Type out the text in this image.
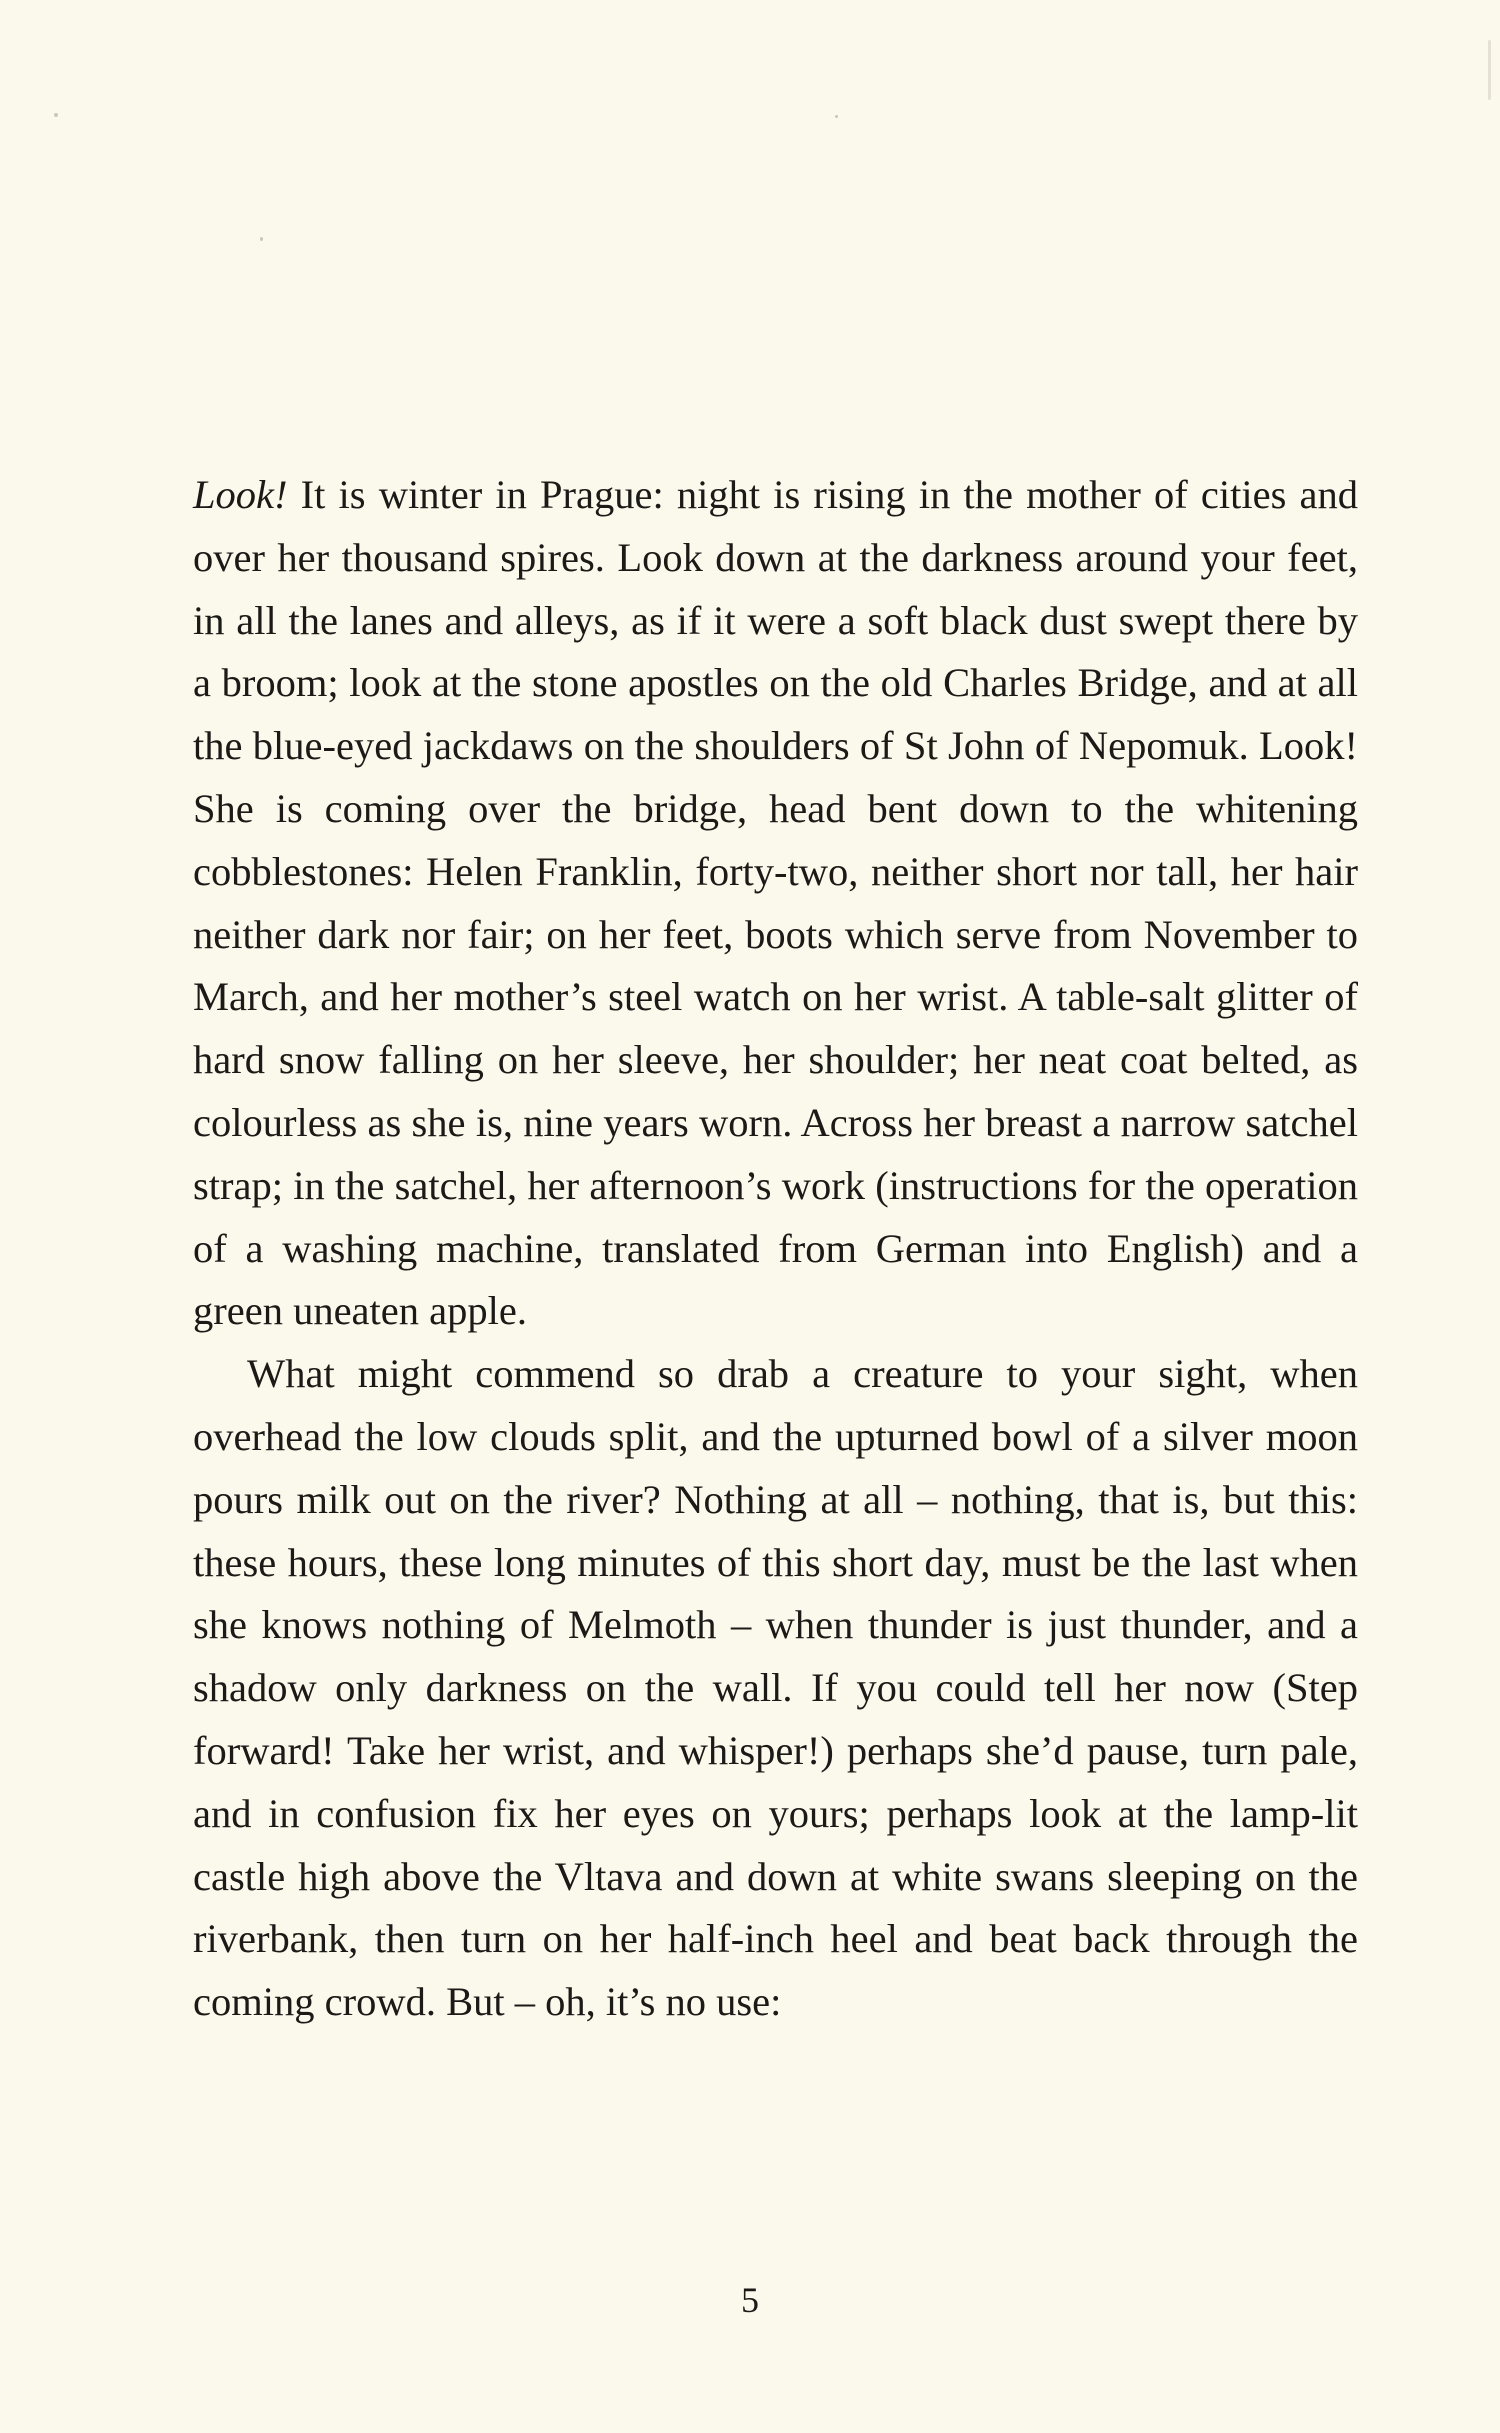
Look! It is winter in Prague: night is rising in the mother of cities and over her thousand spires. Look down at the darkness around your feet, in all the lanes and alleys, as if it were a soft black dust swept there by a broom; look at the stone apostles on the old Charles Bridge, and at all the blue-eyed jackdaws on the shoulders of St John of Nepomuk. Look! She is coming over the bridge, head bent down to the whitening cobblestones: Helen Franklin, forty-two, neither short nor tall, her hair neither dark nor fair; on her feet, boots which serve from November to March, and her mother’s steel watch on her wrist. A table-salt glitter of hard snow falling on her sleeve, her shoulder; her neat coat belted, as colourless as she is, nine years worn. Across her breast a narrow satchel strap; in the satchel, her afternoon’s work (instructions for the operation of a washing machine, translated from German into English) and a green uneaten apple.

What might commend so drab a creature to your sight, when overhead the low clouds split, and the upturned bowl of a silver moon pours milk out on the river? Nothing at all – nothing, that is, but this: these hours, these long minutes of this short day, must be the last when she knows nothing of Melmoth – when thunder is just thunder, and a shadow only darkness on the wall. If you could tell her now (Step forward! Take her wrist, and whisper!) perhaps she’d pause, turn pale, and in confusion fix her eyes on yours; perhaps look at the lamp-lit castle high above the Vltava and down at white swans sleeping on the riverbank, then turn on her half-inch heel and beat back through the coming crowd. But – oh, it’s no use:

5
